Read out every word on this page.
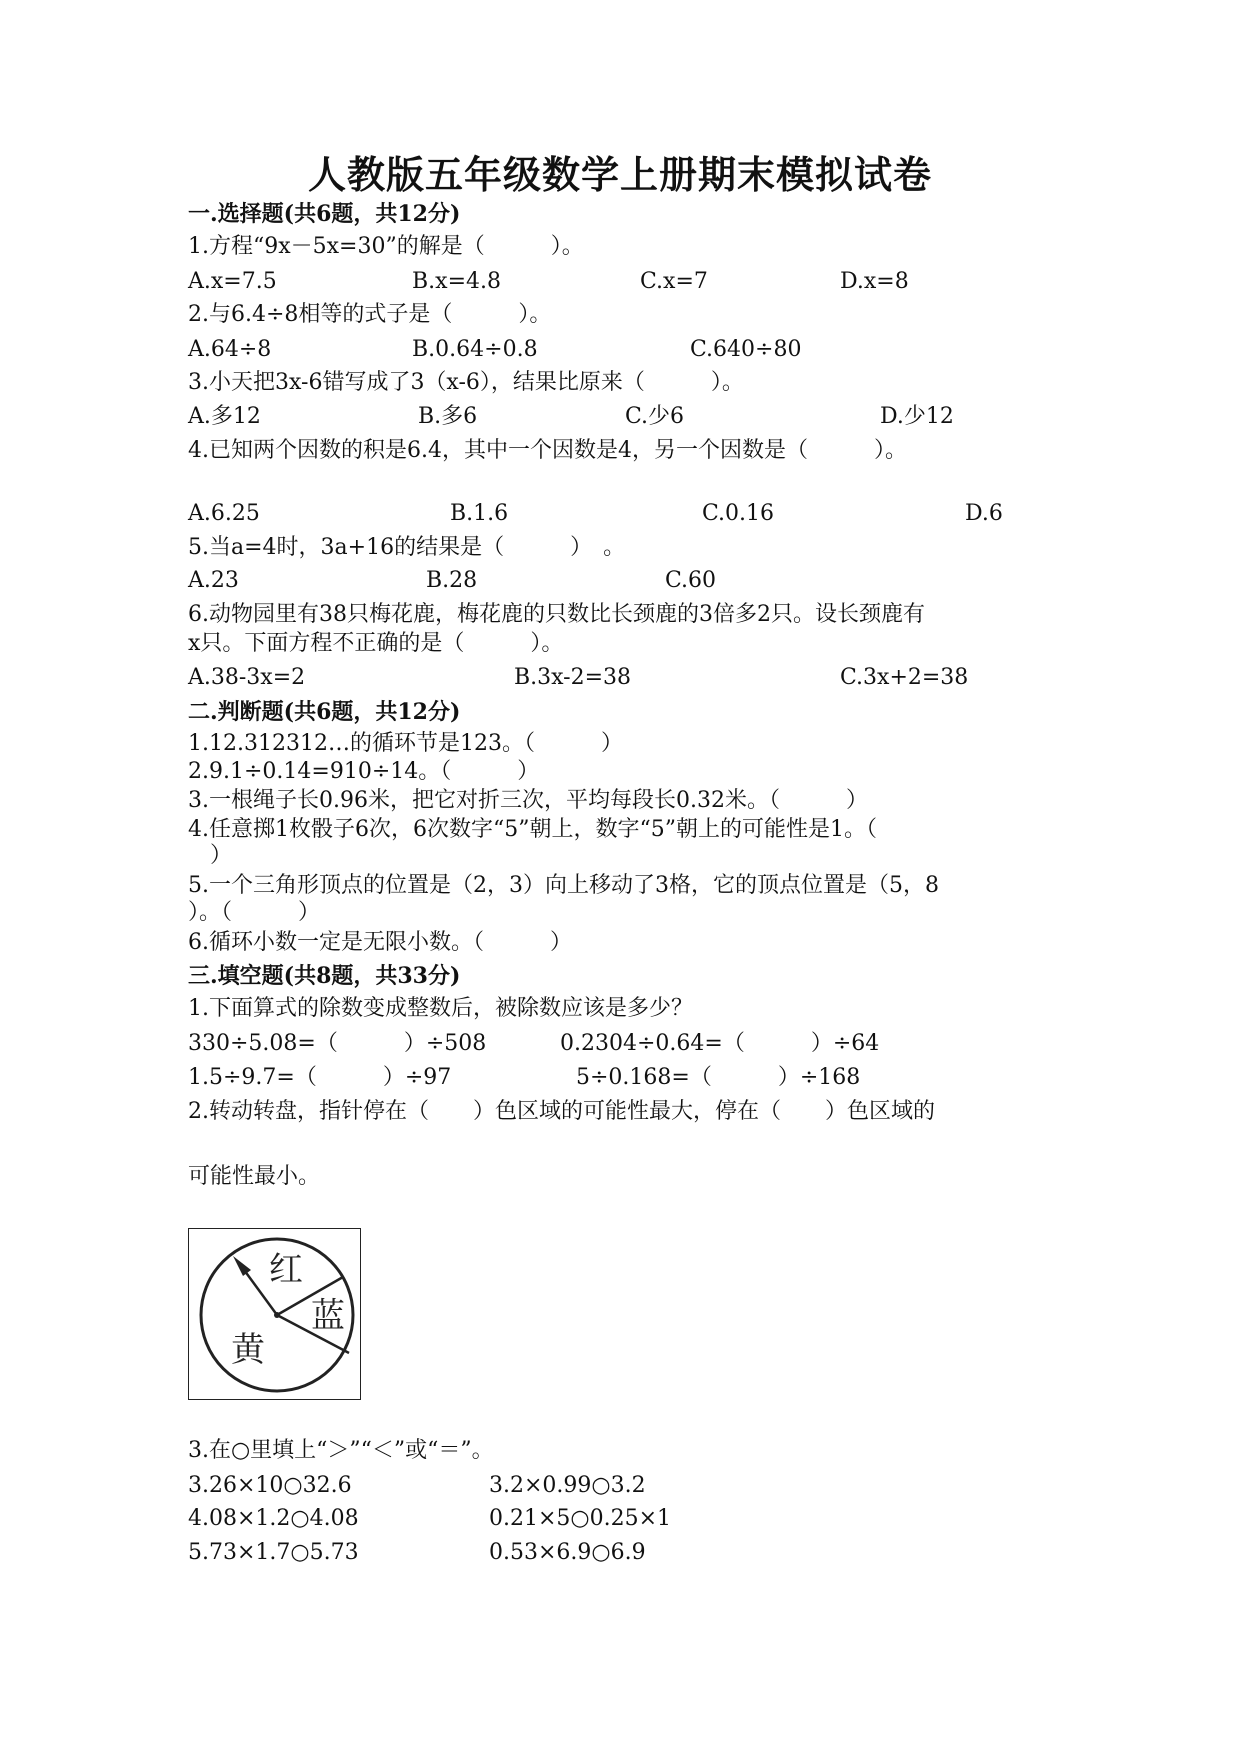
人教版五年级数学上册期末模拟试卷
一.选择题(共6题，共12分)
1.方程“9x－5x=30”的解是（　　　）。
A.x=7.5	B.x=4.8	C.x=7	D.x=8
2.与6.4÷8相等的式子是（　　　）。
A.64÷8	B.0.64÷0.8	C.640÷80
3.小天把3x-6错写成了3（x-6），结果比原来（　　　）。
A.多12	B.多6	C.少6	D.少12
4.已知两个因数的积是6.4，其中一个因数是4，另一个因数是（　　　）。
A.6.25	B.1.6	C.0.16	D.6
5.当a=4时，3a+16的结果是（　　　）　。
A.23	B.28	C.60
6.动物园里有38只梅花鹿，梅花鹿的只数比长颈鹿的3倍多2只。设长颈鹿有
x只。下面方程不正确的是（　　　）。
A.38-3x=2	B.3x-2=38	C.3x+2=38
二.判断题(共6题，共12分)
1.12.312312…的循环节是123。（　　　）
2.9.1÷0.14=910÷14。（　　　）
3.一根绳子长0.96米，把它对折三次，平均每段长0.32米。（　　　）
4.任意掷1枚骰子6次，6次数字“5”朝上，数字“5”朝上的可能性是1。（
　）
5.一个三角形顶点的位置是（2，3）向上移动了3格，它的顶点位置是（5，8
）。（　　　）
6.循环小数一定是无限小数。（　　　）
三.填空题(共8题，共33分)
1.下面算式的除数变成整数后，被除数应该是多少？
330÷5.08=（　　　）÷508	0.2304÷0.64=（　　　）÷64
1.5÷9.7=（　　　）÷97	5÷0.168=（　　　）÷168
2.转动转盘，指针停在（　　）色区域的可能性最大，停在（　　）色区域的
可能性最小。
红
蓝
黄
3.在○里填上“＞”“＜”或“＝”。
3.26×10○32.6	3.2×0.99○3.2
4.08×1.2○4.08	0.21×5○0.25×1
5.73×1.7○5.73	0.53×6.9○6.9
